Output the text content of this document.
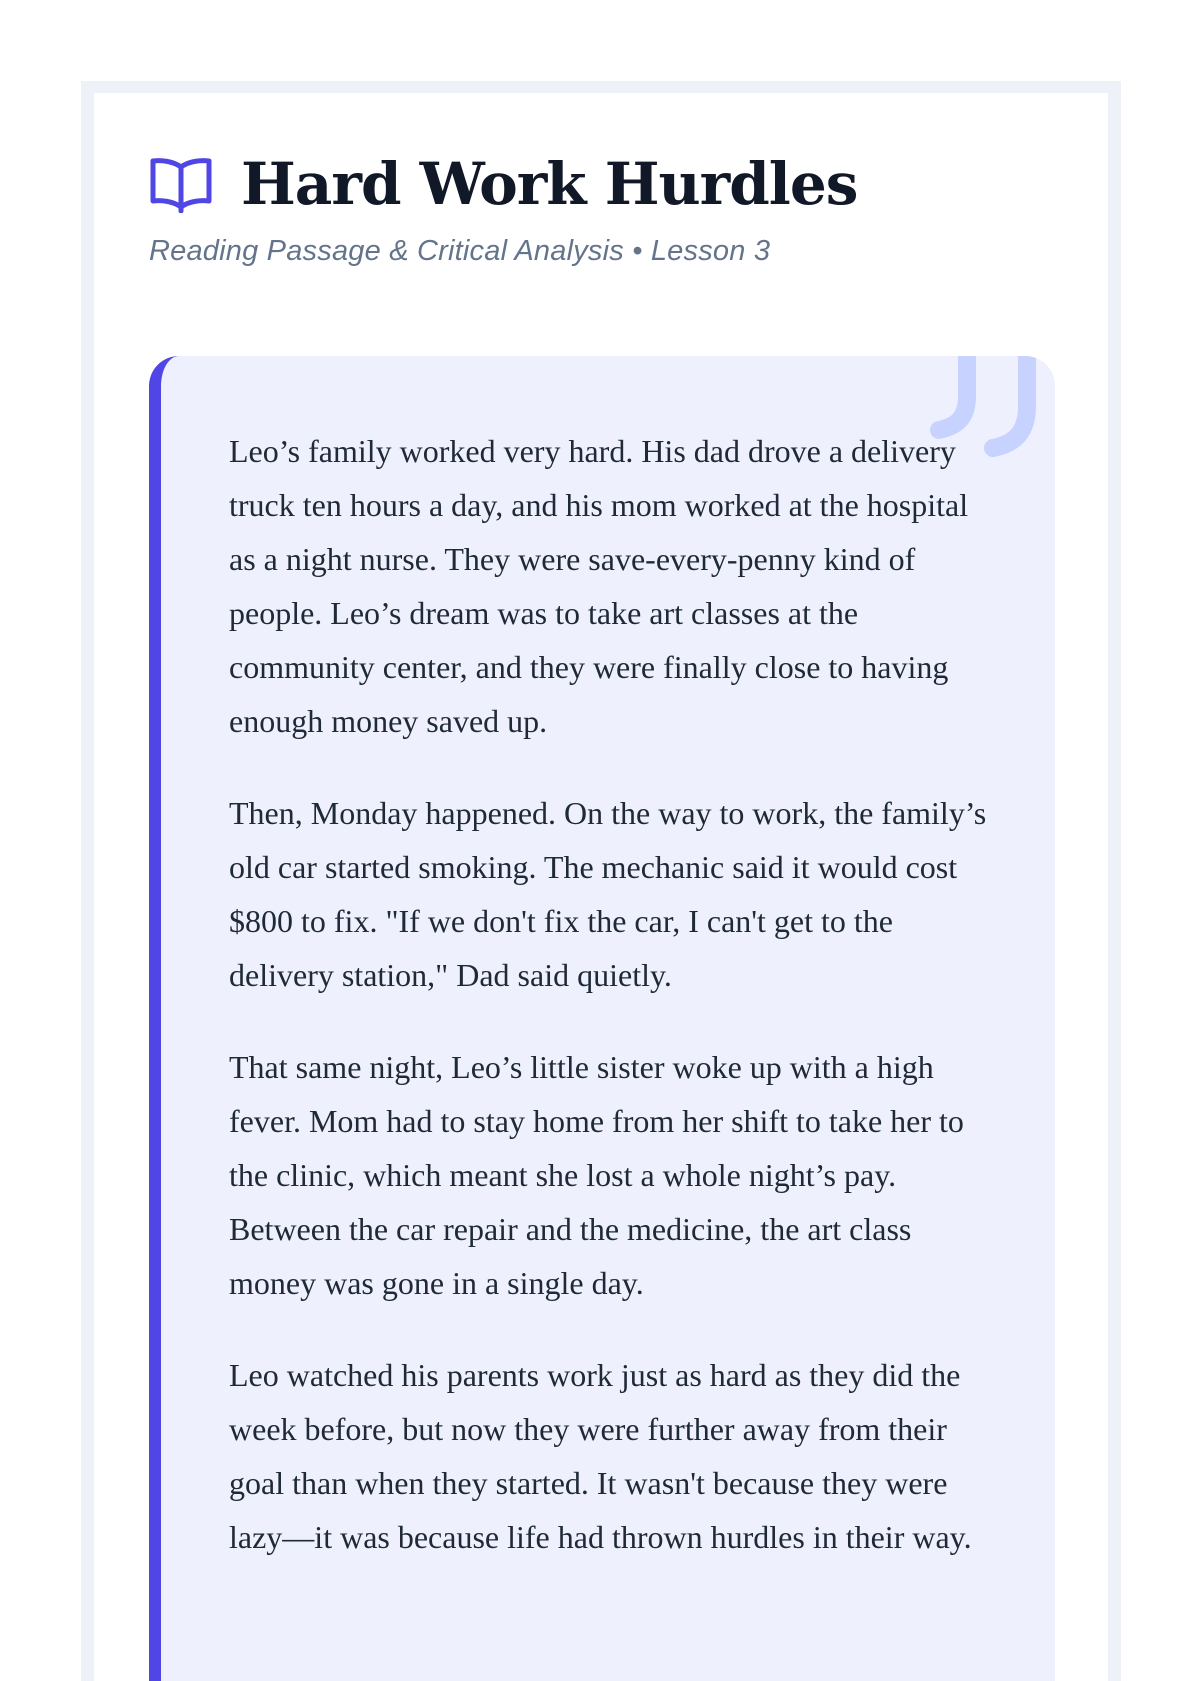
Hard Work Hurdles
Reading Passage & Critical Analysis • Lesson 3

Leo’s family worked very hard. His dad drove a delivery truck ten hours a day, and his mom worked at the hospital as a night nurse. They were save-every-penny kind of people. Leo’s dream was to take art classes at the community center, and they were finally close to having enough money saved up.

Then, Monday happened. On the way to work, the family’s old car started smoking. The mechanic said it would cost $800 to fix. "If we don't fix the car, I can't get to the delivery station," Dad said quietly.

That same night, Leo’s little sister woke up with a high fever. Mom had to stay home from her shift to take her to the clinic, which meant she lost a whole night’s pay. Between the car repair and the medicine, the art class money was gone in a single day.

Leo watched his parents work just as hard as they did the week before, but now they were further away from their goal than when they started. It wasn't because they were lazy—it was because life had thrown hurdles in their way.
